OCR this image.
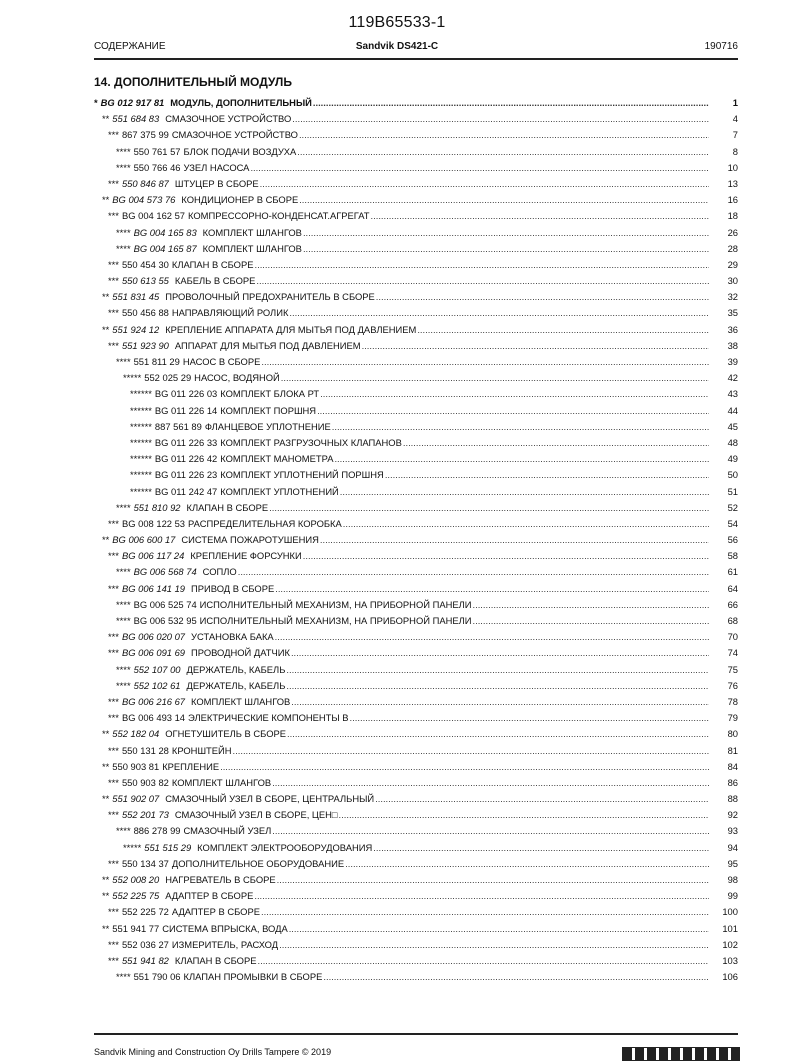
119B65533-1
СОДЕРЖАНИЕ	Sandvik DS421-C	190716
14. ДОПОЛНИТЕЛЬНЫЙ МОДУЛЬ
* BG 012 917 81 МОДУЛЬ, ДОПОЛНИТЕЛЬНЫЙ .....	1
** 551 684 83 СМАЗОЧНОЕ УСТРОЙСТВО .....	4
*** 867 375 99 СМАЗОЧНОЕ УСТРОЙСТВО .....	7
**** 550 761 57 БЛОК ПОДАЧИ ВОЗДУХА .....	8
**** 550 766 46 УЗЕЛ НАСОСА .....	10
*** 550 846 87 ШТУЦЕР В СБОРЕ .....	13
** BG 004 573 76 КОНДИЦИОНЕР В СБОРЕ .....	16
*** BG 004 162 57 КОМПРЕССОРНО-КОНДЕНСАТ.АГРЕГАТ .....	18
**** BG 004 165 83 КОМПЛЕКТ ШЛАНГОВ .....	26
**** BG 004 165 87 КОМПЛЕКТ ШЛАНГОВ .....	28
*** 550 454 30 КЛАПАН В СБОРЕ .....	29
*** 550 613 55 КАБЕЛЬ В СБОРЕ .....	30
** 551 831 45 ПРОВОЛОЧНЫЙ ПРЕДОХРАНИТЕЛЬ В СБОРЕ .....	32
*** 550 456 88 НАПРАВЛЯЮЩИЙ РОЛИК .....	35
** 551 924 12 КРЕПЛЕНИЕ АППАРАТА ДЛЯ МЫТЬЯ ПОД ДАВЛЕНИЕМ .....	36
*** 551 923 90 АППАРАТ ДЛЯ МЫТЬЯ ПОД ДАВЛЕНИЕМ .....	38
**** 551 811 29 НАСОС В СБОРЕ .....	39
***** 552 025 29 НАСОС, ВОДЯНОЙ .....	42
****** BG 011 226 03 КОМПЛЕКТ БЛОКА РТ .....	43
****** BG 011 226 14 КОМПЛЕКТ ПОРШНЯ .....	44
****** 887 561 89 ФЛАНЦЕВОЕ УПЛОТНЕНИЕ .....	45
****** BG 011 226 33 КОМПЛЕКТ РАЗГРУЗОЧНЫХ КЛАПАНОВ .....	48
****** BG 011 226 42 КОМПЛЕКТ МАНОМЕТРА .....	49
****** BG 011 226 23 КОМПЛЕКТ УПЛОТНЕНИЙ ПОРШНЯ .....	50
****** BG 011 242 47 КОМПЛЕКТ УПЛОТНЕНИЙ .....	51
**** 551 810 92 КЛАПАН В СБОРЕ .....	52
*** BG 008 122 53 РАСПРЕДЕЛИТЕЛЬНАЯ КОРОБКА .....	54
** BG 006 600 17 СИСТЕМА ПОЖАРОТУШЕНИЯ .....	56
*** BG 006 117 24 КРЕПЛЕНИЕ ФОРСУНКИ .....	58
**** BG 006 568 74 СОПЛО .....	61
*** BG 006 141 19 ПРИВОД В СБОРЕ .....	64
**** BG 006 525 74 ИСПОЛНИТЕЛЬНЫЙ МЕХАНИЗМ, НА ПРИБОРНОЙ ПАНЕЛИ .....	66
**** BG 006 532 95 ИСПОЛНИТЕЛЬНЫЙ МЕХАНИЗМ, НА ПРИБОРНОЙ ПАНЕЛИ .....	68
*** BG 006 020 07 УСТАНОВКА БАКА .....	70
*** BG 006 091 69 ПРОВОДНОЙ ДАТЧИК .....	74
**** 552 107 00 ДЕРЖАТЕЛЬ, КАБЕЛЬ .....	75
**** 552 102 61 ДЕРЖАТЕЛЬ, КАБЕЛЬ .....	76
*** BG 006 216 67 КОМПЛЕКТ ШЛАНГОВ .....	78
*** BG 006 493 14 ЭЛЕКТРИЧЕСКИЕ КОМПОНЕНТЫ В .....	79
** 552 182 04 ОГНЕТУШИТЕЛЬ В СБОРЕ .....	80
*** 550 131 28 КРОНШТЕЙН .....	81
** 550 903 81 КРЕПЛЕНИЕ .....	84
*** 550 903 82 КОМПЛЕКТ ШЛАНГОВ .....	86
** 551 902 07 СМАЗОЧНЫЙ УЗЕЛ В СБОРЕ, ЦЕНТРАЛЬНЫЙ .....	88
*** 552 201 73 СМАЗОЧНЫЙ УЗЕЛ В СБОРЕ, ЦЕН□ .....	92
**** 886 278 99 СМАЗОЧНЫЙ УЗЕЛ .....	93
***** 551 515 29 КОМПЛЕКТ ЭЛЕКТРООБОРУДОВАНИЯ .....	94
*** 550 134 37 ДОПОЛНИТЕЛЬНОЕ ОБОРУДОВАНИЕ .....	95
** 552 008 20 НАГРЕВАТЕЛЬ В СБОРЕ .....	98
** 552 225 75 АДАПТЕР В СБОРЕ .....	99
*** 552 225 72 АДАПТЕР В СБОРЕ .....	100
** 551 941 77 СИСТЕМА ВПРЫСКА, ВОДА .....	101
*** 552 036 27 ИЗМЕРИТЕЛЬ, РАСХОД .....	102
*** 551 941 82 КЛАПАН В СБОРЕ .....	103
**** 551 790 06 КЛАПАН ПРОМЫВКИ В СБОРЕ .....	106
Sandvik Mining and Construction Oy Drills Tampere © 2019
